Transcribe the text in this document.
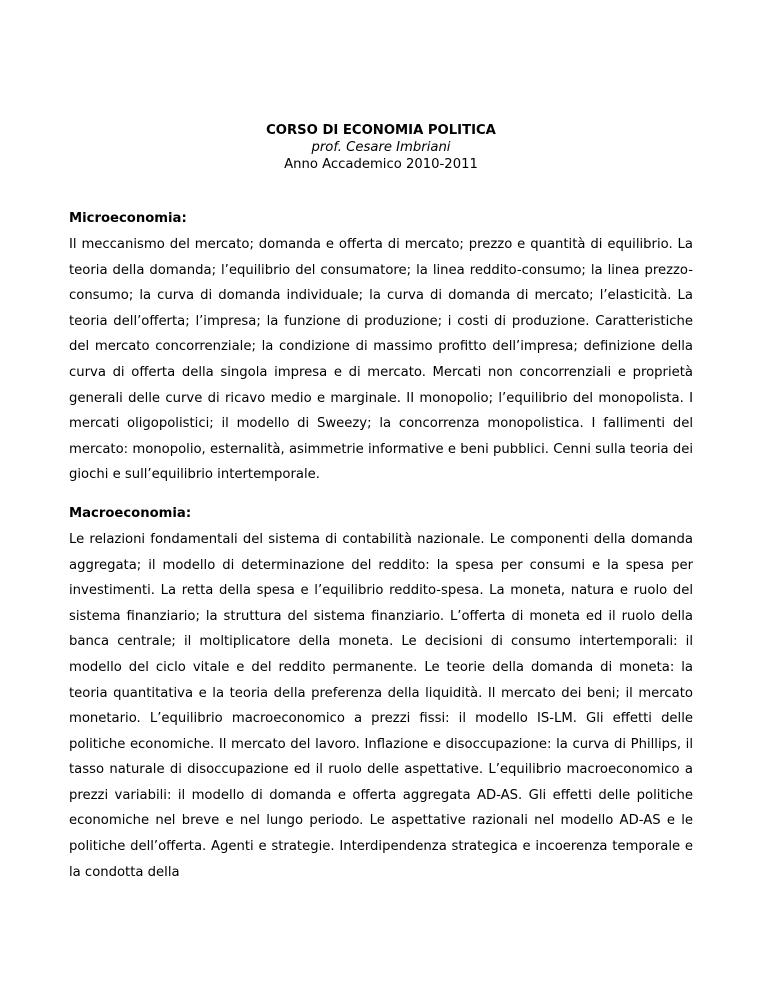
CORSO DI ECONOMIA POLITICA
prof. Cesare Imbriani
Anno Accademico 2010-2011
Microeconomia:

Il meccanismo del mercato; domanda e offerta di mercato; prezzo e quantità di equilibrio. La teoria della domanda; l’equilibrio del consumatore; la linea reddito-consumo; la linea prezzo-consumo; la curva di domanda individuale; la curva di domanda di mercato; l’elasticità. La teoria dell’offerta; l’impresa; la funzione di produzione; i costi di produzione. Caratteristiche del mercato concorrenziale; la condizione di massimo profitto dell’impresa; definizione della curva di offerta della singola impresa e di mercato. Mercati non concorrenziali e proprietà generali delle curve di ricavo medio e marginale. II monopolio; l’equilibrio del monopolista. I mercati oligopolistici; il modello di Sweezy; la concorrenza monopolistica. I fallimenti del mercato: monopolio, esternalità, asimmetrie informative e beni pubblici. Cenni sulla teoria dei giochi e sull’equilibrio intertemporale.

Macroeconomia:

Le relazioni fondamentali del sistema di contabilità nazionale. Le componenti della domanda aggregata; il modello di determinazione del reddito: la spesa per consumi e la spesa per investimenti. La retta della spesa e l’equilibrio reddito-spesa. La moneta, natura e ruolo del sistema finanziario; la struttura del sistema finanziario. L’offerta di moneta ed il ruolo della banca centrale; il moltiplicatore della moneta. Le decisioni di consumo intertemporali: il modello del ciclo vitale e del reddito permanente. Le teorie della domanda di moneta: la teoria quantitativa e la teoria della preferenza della liquidità. Il mercato dei beni; il mercato monetario. L’equilibrio macroeconomico a prezzi fissi: il modello IS-LM. Gli effetti delle politiche economiche. Il mercato del lavoro. Inflazione e disoccupazione: la curva di Phillips, il tasso naturale di disoccupazione ed il ruolo delle aspettative. L’equilibrio macroeconomico a prezzi variabili: il modello di domanda e offerta aggregata AD-AS. Gli effetti delle politiche economiche nel breve e nel lungo periodo. Le aspettative razionali nel modello AD-AS e le politiche dell’offerta. Agenti e strategie. Interdipendenza strategica e incoerenza temporale e la condotta della
